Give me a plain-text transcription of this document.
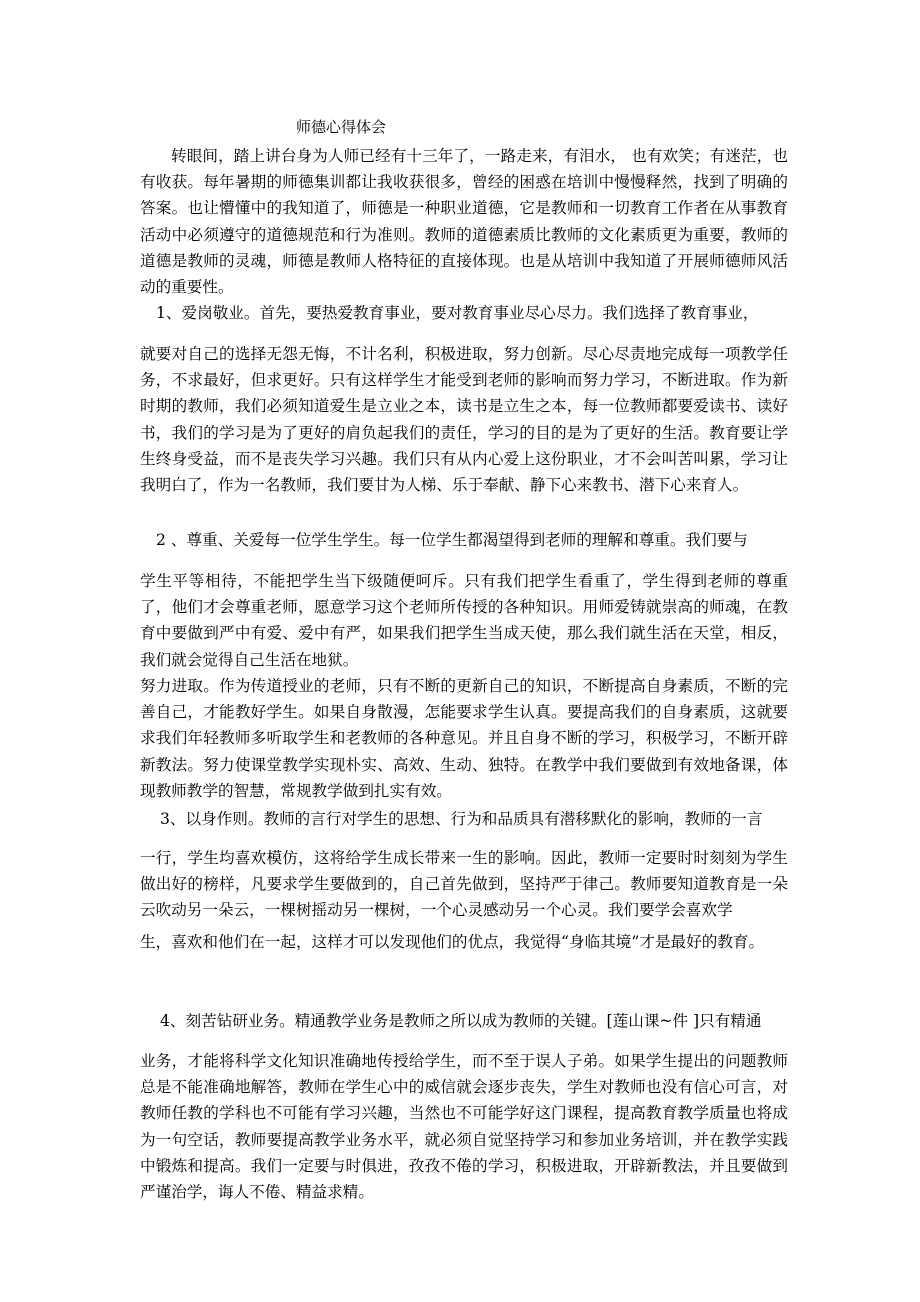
师德心得体会

转眼间，踏上讲台身为人师已经有十三年了，一路走来，有泪水， 也有欢笑；有迷茫，也有收获。每年暑期的师德集训都让我收获很多，曾经的困惑在培训中慢慢释然，找到了明确的答案。也让懵懂中的我知道了，师德是一种职业道德，它是教师和一切教育工作者在从事教育活动中必须遵守的道德规范和行为准则。教师的道德素质比教师的文化素质更为重要，教师的道德是教师的灵魂，师德是教师人格特征的直接体现。也是从培训中我知道了开展师德师风活动的重要性。

1、爱岗敬业。首先，要热爱教育事业，要对教育事业尽心尽力。我们选择了教育事业，

就要对自己的选择无怨无悔，不计名利，积极进取，努力创新。尽心尽责地完成每一项教学任务，不求最好，但求更好。只有这样学生才能受到老师的影响而努力学习，不断进取。作为新时期的教师，我们必须知道爱生是立业之本，读书是立生之本，每一位教师都要爱读书、读好书，我们的学习是为了更好的肩负起我们的责任，学习的目的是为了更好的生活。教育要让学生终身受益，而不是丧失学习兴趣。我们只有从内心爱上这份职业，才不会叫苦叫累，学习让我明白了，作为一名教师，我们要甘为人梯、乐于奉献、静下心来教书、潜下心来育人。

2 、尊重、关爱每一位学生学生。每一位学生都渴望得到老师的理解和尊重。我们要与

学生平等相待，不能把学生当下级随便呵斥。只有我们把学生看重了，学生得到老师的尊重了，他们才会尊重老师，愿意学习这个老师所传授的各种知识。用师爱铸就崇高的师魂，在教育中要做到严中有爱、爱中有严，如果我们把学生当成天使，那么我们就生活在天堂，相反，我们就会觉得自己生活在地狱。

努力进取。作为传道授业的老师，只有不断的更新自己的知识，不断提高自身素质，不断的完善自己，才能教好学生。如果自身散漫，怎能要求学生认真。要提高我们的自身素质，这就要求我们年轻教师多听取学生和老教师的各种意见。并且自身不断的学习，积极学习，不断开辟新教法。努力使课堂教学实现朴实、高效、生动、独特。在教学中我们要做到有效地备课，体现教师教学的智慧，常规教学做到扎实有效。

3、以身作则。教师的言行对学生的思想、行为和品质具有潜移默化的影响，教师的一言

一行，学生均喜欢模仿，这将给学生成长带来一生的影响。因此，教师一定要时时刻刻为学生做出好的榜样，凡要求学生要做到的，自己首先做到，坚持严于律己。教师要知道教育是一朵云吹动另一朵云，一棵树摇动另一棵树，一个心灵感动另一个心灵。我们要学会喜欢学

生，喜欢和他们在一起，这样才可以发现他们的优点，我觉得“身临其境”才是最好的教育。

4、刻苦钻研业务。精通教学业务是教师之所以成为教师的关键。[莲山课~件 ]只有精通

业务，才能将科学文化知识准确地传授给学生，而不至于误人子弟。如果学生提出的问题教师总是不能准确地解答，教师在学生心中的威信就会逐步丧失，学生对教师也没有信心可言，对教师任教的学科也不可能有学习兴趣，当然也不可能学好这门课程，提高教育教学质量也将成为一句空话，教师要提高教学业务水平，就必须自觉坚持学习和参加业务培训，并在教学实践中锻炼和提高。我们一定要与时俱进，孜孜不倦的学习，积极进取，开辟新教法，并且要做到严谨治学，诲人不倦、精益求精。
